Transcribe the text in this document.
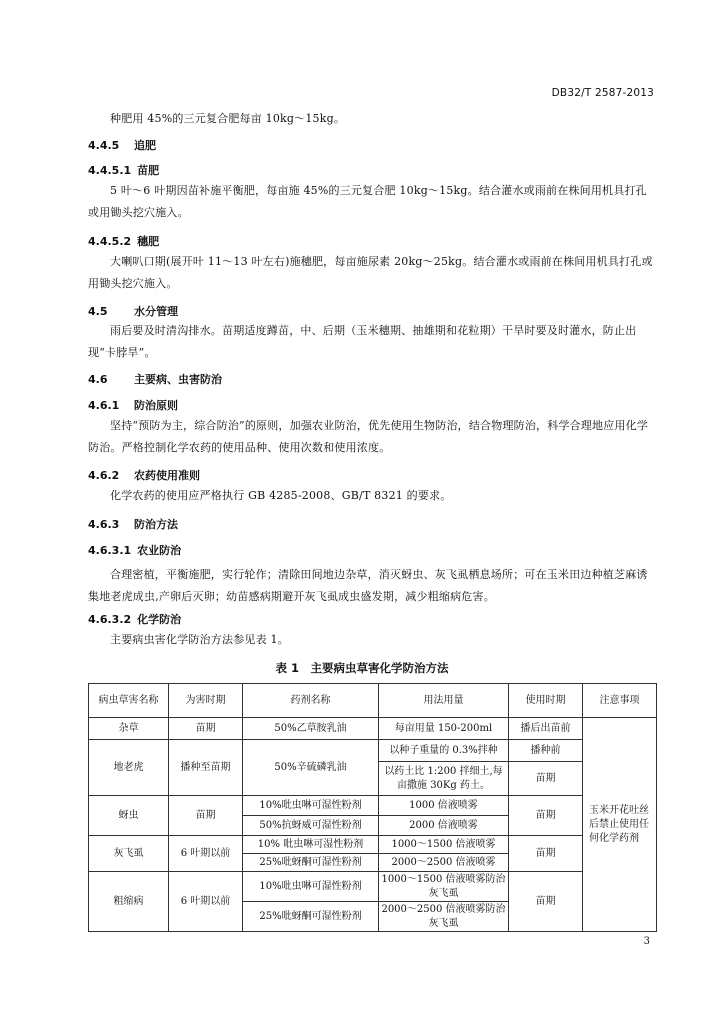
DB32/T 2587-2013

种肥用 45%的三元复合肥每亩 10kg～15kg。

4.4.5 追肥
4.4.5.1 苗肥

5 叶～6 叶期因苗补施平衡肥，每亩施 45%的三元复合肥 10kg～15kg。结合灌水或雨前在株间用机具打孔或用锄头挖穴施入。

4.4.5.2 穗肥

大喇叭口期(展开叶 11～13 叶左右)施穗肥，每亩施尿素 20kg～25kg。结合灌水或雨前在株间用机具打孔或用锄头挖穴施入。

4.5 水分管理

雨后要及时清沟排水。苗期适度蹲苗，中、后期（玉米穗期、抽雄期和花粒期）干旱时要及时灌水，防止出现“卡脖旱”。

4.6 主要病、虫害防治
4.6.1 防治原则

坚持“预防为主，综合防治”的原则，加强农业防治，优先使用生物防治，结合物理防治，科学合理地应用化学防治。严格控制化学农药的使用品种、使用次数和使用浓度。

4.6.2 农药使用准则

化学农药的使用应严格执行 GB 4285-2008、GB/T 8321 的要求。

4.6.3 防治方法
4.6.3.1 农业防治

合理密植，平衡施肥，实行轮作；清除田间地边杂草，消灭蚜虫、灰飞虱栖息场所；可在玉米田边种植芝麻诱集地老虎成虫,产卵后灭卵；幼苗感病期避开灰飞虱成虫盛发期，减少粗缩病危害。

4.6.3.2 化学防治

主要病虫害化学防治方法参见表 1。

表 1　主要病虫草害化学防治方法
病虫草害名称	为害时期	药剂名称	用法用量	使用时期	注意事项
杂草	苗期	50%乙草胺乳油	每亩用量 150-200ml	播后出苗前	玉米开花吐丝后禁止使用任何化学药剂
地老虎	播种至苗期	50%辛硫磷乳油	以种子重量的 0.3%拌种	播种前	
			以药土比 1:200 拌细土,每亩撒施 30Kg 药土。	苗期	
蚜虫	苗期	10%吡虫啉可湿性粉剂	1000 倍液喷雾	苗期	
		50%抗蚜威可湿性粉剂	2000 倍液喷雾		
灰飞虱	6 叶期以前	10% 吡虫啉可湿性粉剂	1000～1500 倍液喷雾	苗期	
		25%吡蚜酮可湿性粉剂	2000～2500 倍液喷雾		
粗缩病	6 叶期以前	10%吡虫啉可湿性粉剂	1000～1500 倍液喷雾防治灰飞虱	苗期	
		25%吡蚜酮可湿性粉剂	2000～2500 倍液喷雾防治灰飞虱		
3
